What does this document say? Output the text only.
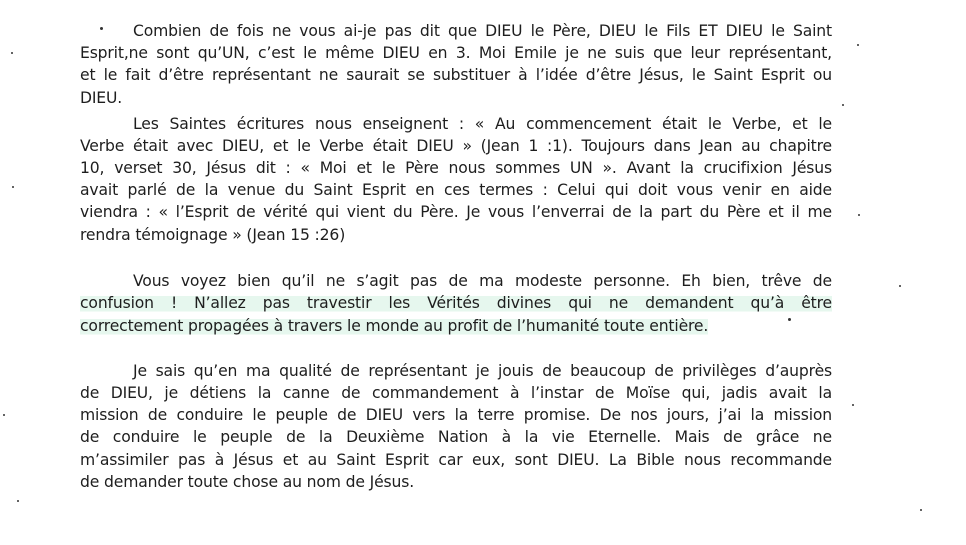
Combien de fois ne vous ai-je pas dit que DIEU le Père, DIEU le Fils ET DIEU le Saint

Esprit,ne sont qu’UN, c’est le même DIEU en 3. Moi Emile je ne suis que leur représentant,

et le fait d’être représentant ne saurait se substituer à l’idée d’être Jésus, le Saint Esprit ou

DIEU.

Les Saintes écritures nous enseignent : « Au commencement était le Verbe, et le

Verbe était avec DIEU, et le Verbe était DIEU » (Jean 1 :1). Toujours dans Jean au chapitre

10, verset 30, Jésus dit : « Moi et le Père nous sommes UN ». Avant la crucifixion Jésus

avait parlé de la venue du Saint Esprit en ces termes : Celui qui doit vous venir en aide

viendra : « l’Esprit de vérité qui vient du Père. Je vous l’enverrai de la part du Père et il me

rendra témoignage » (Jean 15 :26)

Vous voyez bien qu’il ne s’agit pas de ma modeste personne. Eh bien, trêve de

confusion ! N’allez pas travestir les Vérités divines qui ne demandent qu’à être

correctement propagées à travers le monde au profit de l’humanité toute entière.

Je sais qu’en ma qualité de représentant je jouis de beaucoup de privilèges d’auprès

de DIEU, je détiens la canne de commandement à l’instar de Moïse qui, jadis avait la

mission de conduire le peuple de DIEU vers la terre promise. De nos jours, j’ai la mission

de conduire le peuple de la Deuxième Nation à la vie Eternelle. Mais de grâce ne

m’assimiler pas à Jésus et au Saint Esprit car eux, sont DIEU. La Bible nous recommande

de demander toute chose au nom de Jésus.
